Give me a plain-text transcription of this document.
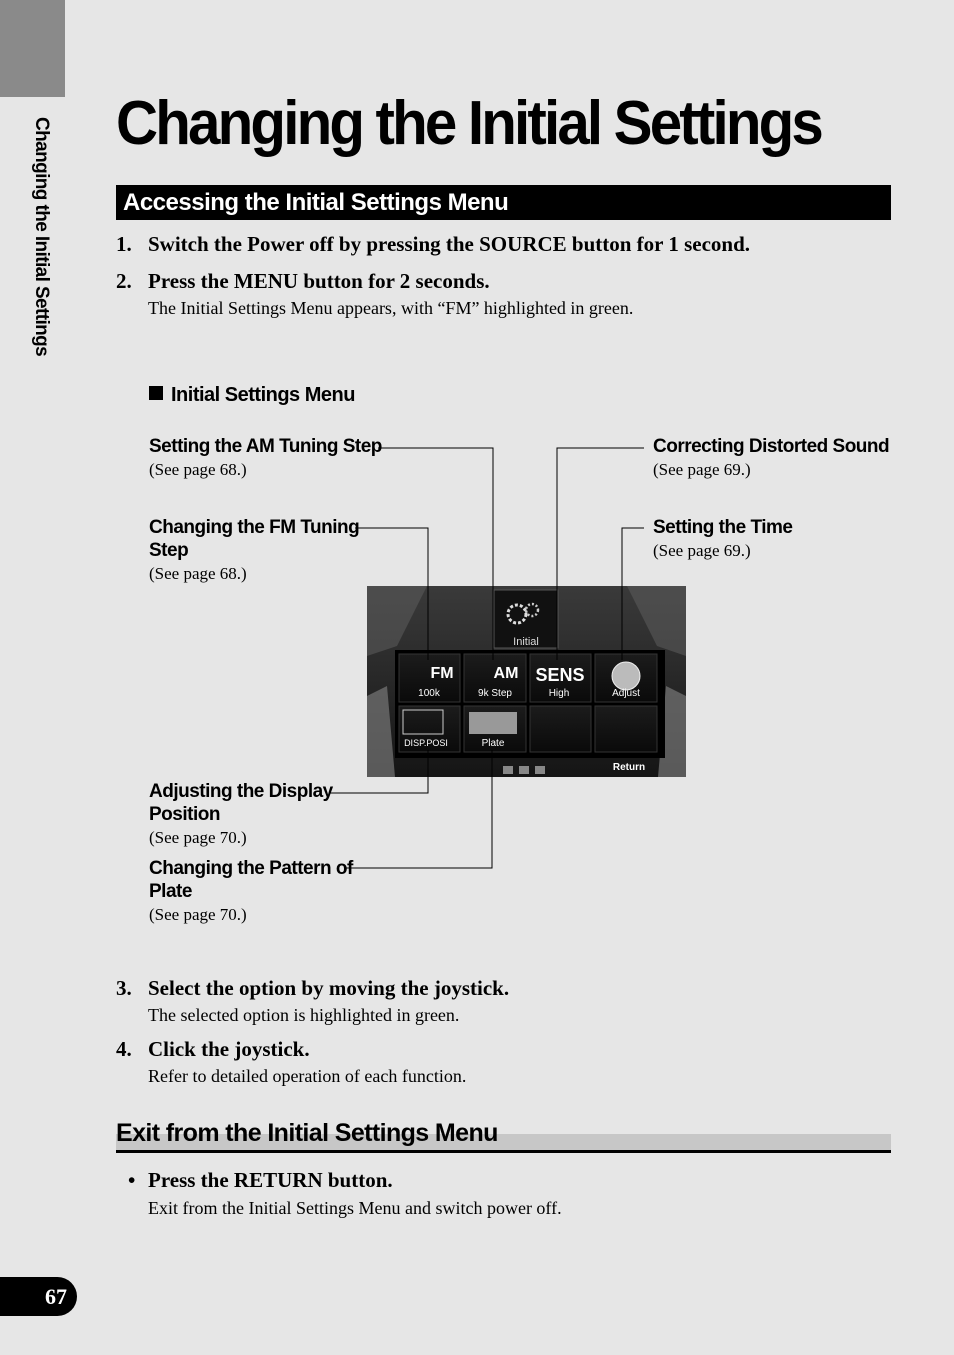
Changing the Initial Settings Changing the Initial Settings
Accessing the Initial Settings Menu
1. Switch the Power off by pressing the SOURCE button for 1 second.
2. Press the MENU button for 2 seconds.
The Initial Settings Menu appears, with “FM” highlighted in green.
Initial Settings Menu
Setting the AM Tuning Step
(See page 68.)
Changing the FM Tuning
Step
(See page 68.)
Correcting Distorted Sound
(See page 69.)
Setting the Time
(See page 69.)
Adjusting the Display
Position
(See page 70.)
Changing the Pattern of
Plate
(See page 70.)
Initial
FM
100k
AM
9k Step
SENS
High	Adjust
DISP.POSI	Plate
Return
3. Select the option by moving the joystick.
The selected option is highlighted in green.
4. Click the joystick.
Refer to detailed operation of each function.
Exit from the Initial Settings Menu
• Press the RETURN button.
Exit from the Initial Settings Menu and switch power off.
67
